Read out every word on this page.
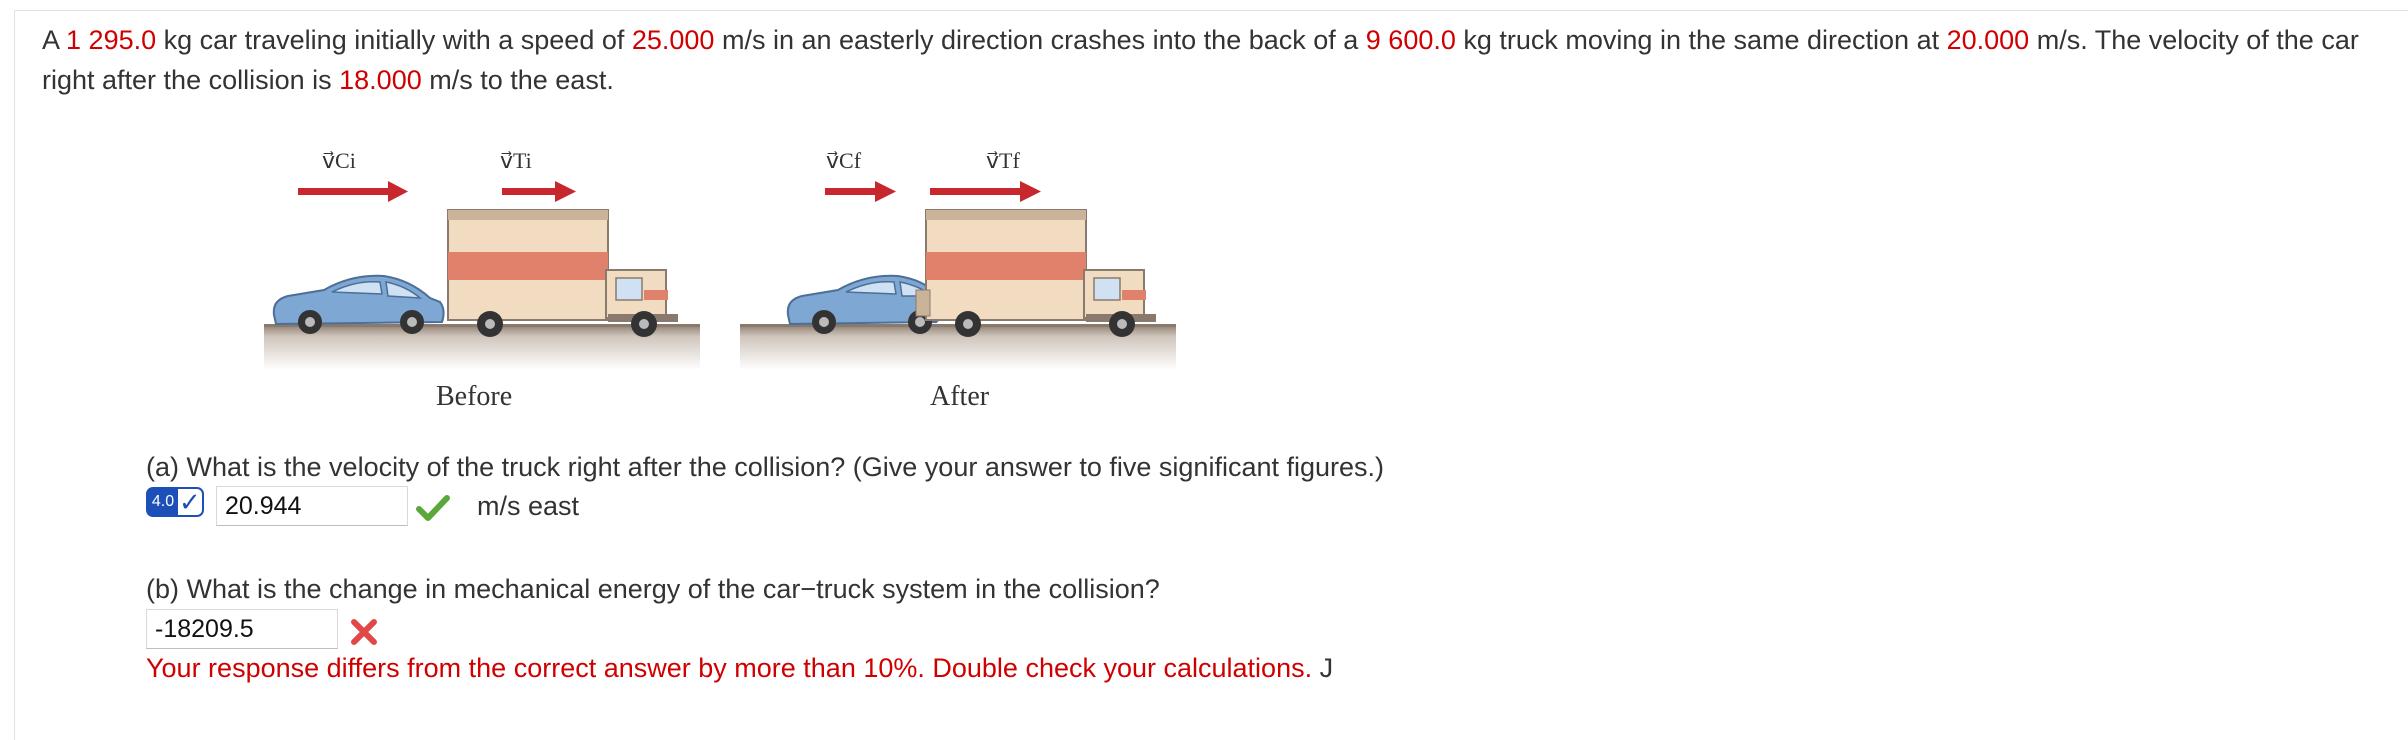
A 1 295.0 kg car traveling initially with a speed of 25.000 m/s in an easterly direction crashes into the back of a 9 600.0 kg truck moving in the same direction at 20.000 m/s. The velocity of the car right after the collision is 18.000 m/s to the east.
v⃗Ci	v⃗Ti	v⃗Cf	v⃗Tf
Before	After
(a) What is the velocity of the truck right after the collision? (Give your answer to five significant figures.)
4.0 ✓ 20.944	m/s east
(b) What is the change in mechanical energy of the car−truck system in the collision?
-18209.5
Your response differs from the correct answer by more than 10%. Double check your calculations. J
